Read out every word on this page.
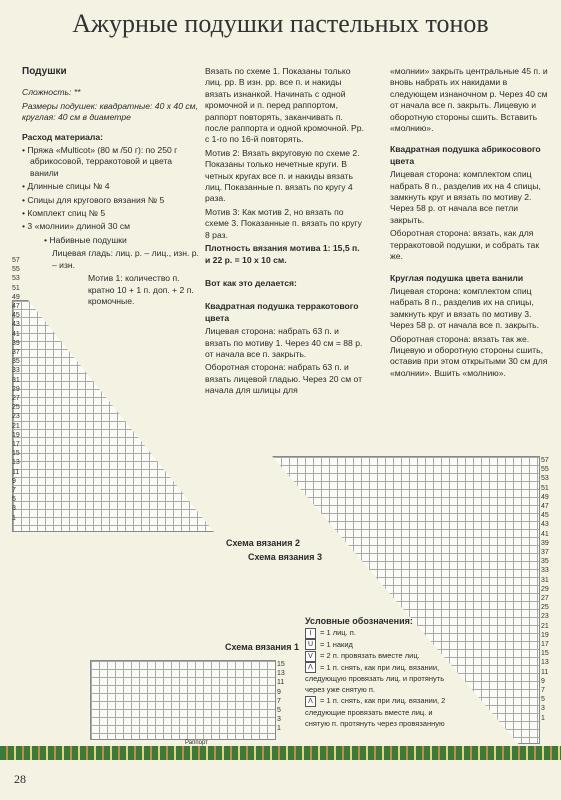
Ажурные подушки пастельных тонов

Подушки

Сложность: **

Размеры подушек: квадратные: 40 х 40 см, круглая: 40 см в диаметре

Расход материала:

• Пряжа «Multicot» (80 м /50 г): по 250 г абрикосовой, терракотовой и цвета ванили

• Длинные спицы № 4

• Спицы для кругового вязания № 5

• Комплект спиц № 5

• 3 «молнии» длиной 30 см

• Набивные подушки

Лицевая гладь: лиц. р. – лиц., изн. р. – изн.

Мотив 1: количество п. кратно 10 + 1 п. доп. + 2 п. кромочные.

57
55
53
51
49
47
45
43
41
39
37
35
33
31
29
27
25
23
21
19
17
15
13
11
9
7
5
3
1

Вязать по схеме 1. Показаны только лиц. рр. В изн. рр. все п. и накиды вязать изнанкой. Начинать с одной кромочной и п. перед раппортом, раппорт повторять, заканчивать п. после раппорта и одной кромочной. Рр. с 1-го по 16-й повторять.

Мотив 2: Вязать вкруговую по схеме 2. Показаны только нечетные круги. В четных кругах все п. и накиды вязать лиц. Показанные п. вязать по кругу 4 раза.

Мотив 3: Как мотив 2, но вязать по схеме 3. Показанные п. вязать по кругу 8 раз.

Плотность вязания мотива 1: 15,5 п. и 22 р. = 10 х 10 см.

Вот как это делается:

Квадратная подушка терракотового цвета

Лицевая сторона: набрать 63 п. и вязать по мотиву 1. Через 40 см = 88 р. от начала все п. закрыть.

Оборотная сторона: набрать 63 п. и вязать лицевой гладью. Через 20 см от начала для шлицы для

«молнии» закрыть центральные 45 п. и вновь набрать их накидами в следующем изнаночном р. Через 40 см от начала все п. закрыть. Лицевую и оборотную стороны сшить. Вставить «молнию».

Квадратная подушка абрикосового цвета

Лицевая сторона: комплектом спиц набрать 8 п., разделив их на 4 спицы, замкнуть круг и вязать по мотиву 2. Через 58 р. от начала все петли закрыть.

Оборотная сторона: вязать, как для терракотовой подушки, и собрать так же.

Круглая подушка цвета ванили

Лицевая сторона: комплектом спиц набрать 8 п., разделив их на спицы, замкнуть круг и вязать по мотиву 3. Через 58 р. от начала все п. закрыть.

Оборотная сторона: вязать так же. Лицевую и оборотную стороны сшить, оставив при этом открытыми 30 см для «молнии». Вшить «молнию».

57
55
53
51
49
47
45
43
41
39
37
35
33
31
29
27
25
23
21
19
17
15
13
11
9
7
5
3
1
Схема вязания 2
Схема вязания 3
Схема вязания 1
15
13
11
9
7
5
3
1
Раппорт
Условные обозначения:
I = 1 лиц. п.
U = 1 накид
V = 2 п. провязать вместе лиц.
Λ = 1 п. снять, как при лиц. вязании, следующую провязать лиц. и протянуть через уже снятую п.
Λ = 1 п. снять, как при лиц. вязании, 2 следующие провязать вместе лиц. и снятую п. протянуть через провязанную
28
